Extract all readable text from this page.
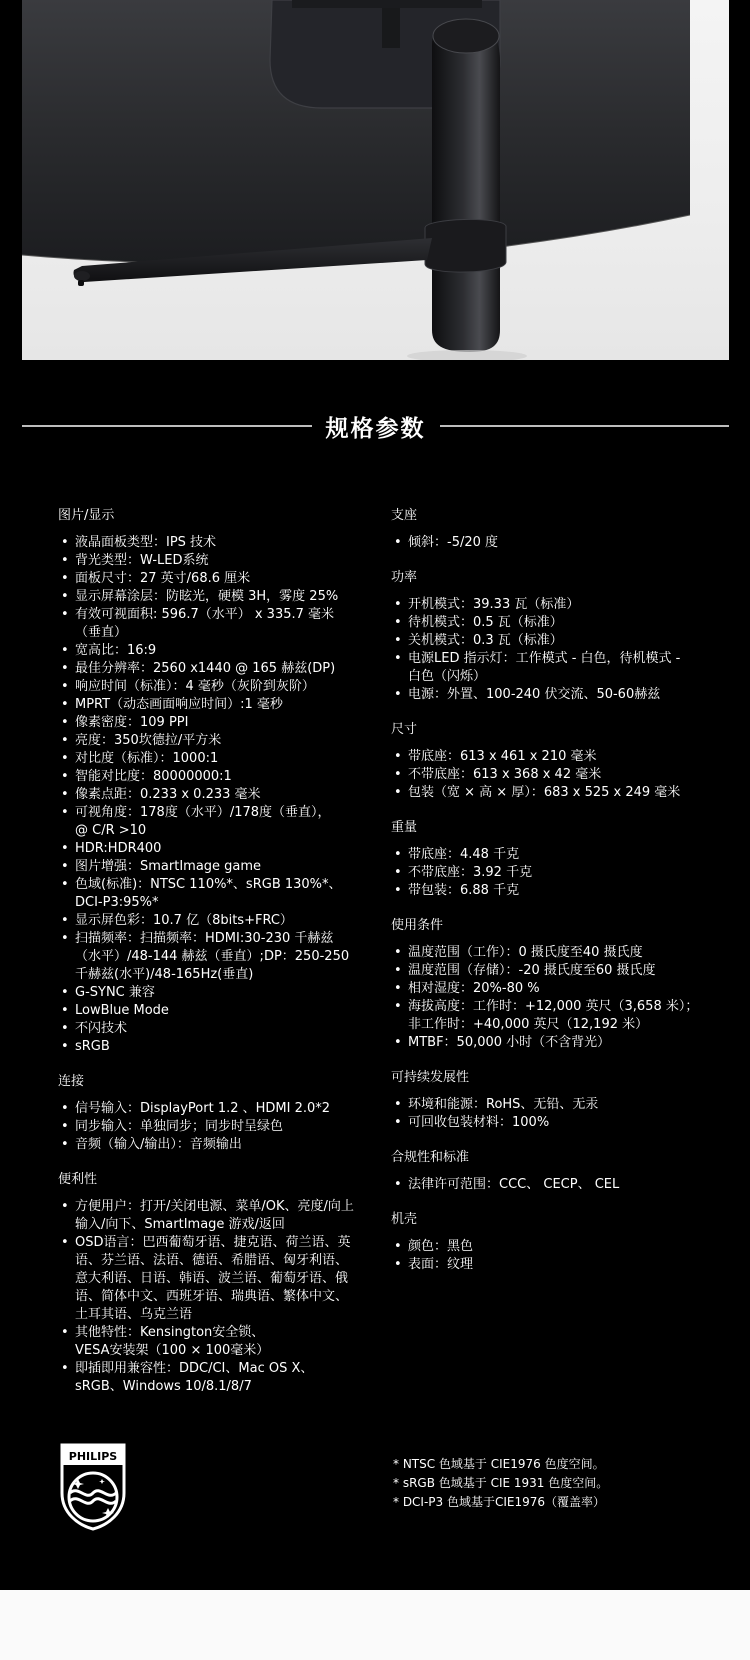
规格参数
图片/显示
• 液晶面板类型：IPS 技术
• 背光类型：W-LED系统
• 面板尺寸：27 英寸/68.6 厘米
• 显示屏幕涂层：防眩光，硬模 3H，雾度 25%
• 有效可视面积: 596.7（水平） x 335.7 毫米
（垂直）
• 宽高比：16:9
• 最佳分辨率：2560 x1440 @ 165 赫兹(DP)
• 响应时间（标准）：4 毫秒（灰阶到灰阶）
• MPRT（动态画面响应时间）:1 毫秒
• 像素密度：109 PPI
• 亮度：350坎德拉/平方米
• 对比度（标准）：1000:1
• 智能对比度：80000000:1
• 像素点距：0.233 x 0.233 毫米
• 可视角度：178度（水平）/178度（垂直），
@ C/R >10
• HDR:HDR400
• 图片增强：SmartImage game
• 色域(标准)：NTSC 110%*、sRGB 130%*、
DCI-P3:95%*
• 显示屏色彩：10.7 亿（8bits+FRC）
• 扫描频率：扫描频率：HDMI:30-230 千赫兹
（水平）/48-144 赫兹（垂直）;DP：250-250
千赫兹(水平)/48-165Hz(垂直)
• G-SYNC 兼容
• LowBlue Mode
• 不闪技术
• sRGB
连接
• 信号输入：DisplayPort 1.2 、HDMI 2.0*2
• 同步输入：单独同步；同步时呈绿色
• 音频（输入/输出）：音频输出
便利性
• 方便用户：打开/关闭电源、菜单/OK、亮度/向上
输入/向下、SmartImage 游戏/返回
• OSD语言：巴西葡萄牙语、捷克语、荷兰语、英
语、芬兰语、法语、德语、希腊语、匈牙利语、
意大利语、日语、韩语、波兰语、葡萄牙语、俄
语、简体中文、西班牙语、瑞典语、繁体中文、
土耳其语、乌克兰语
• 其他特性：Kensington安全锁、
VESA安装架（100 × 100毫米）
• 即插即用兼容性：DDC/CI、Mac OS X、
sRGB、Windows 10/8.1/8/7
支座
• 倾斜：-5/20 度
功率
• 开机模式：39.33 瓦（标准）
• 待机模式：0.5 瓦（标准）
• 关机模式：0.3 瓦（标准）
• 电源LED 指示灯：工作模式 - 白色，待机模式 -
白色（闪烁）
• 电源：外置、100-240 伏交流、50-60赫兹
尺寸
• 带底座：613 x 461 x 210 毫米
• 不带底座：613 x 368 x 42 毫米
• 包装（宽 × 高 × 厚）：683 x 525 x 249 毫米
重量
• 带底座：4.48 千克
• 不带底座：3.92 千克
• 带包装：6.88 千克
使用条件
• 温度范围（工作）：0 摄氏度至40 摄氏度
• 温度范围（存储）：-20 摄氏度至60 摄氏度
• 相对湿度：20%-80 %
• 海拔高度：工作时：+12,000 英尺（3,658 米）；
非工作时：+40,000 英尺（12,192 米）
• MTBF：50,000 小时（不含背光）
可持续发展性
• 环境和能源：RoHS、无铅、无汞
• 可回收包装材料：100%
合规性和标准
• 法律许可范围：CCC、 CECP、 CEL
机壳
• 颜色：黑色
• 表面：纹理
PHILIPS

* NTSC 色域基于 CIE1976 色度空间。

* sRGB 色域基于 CIE 1931 色度空间。

* DCI-P3 色域基于CIE1976（覆盖率）
